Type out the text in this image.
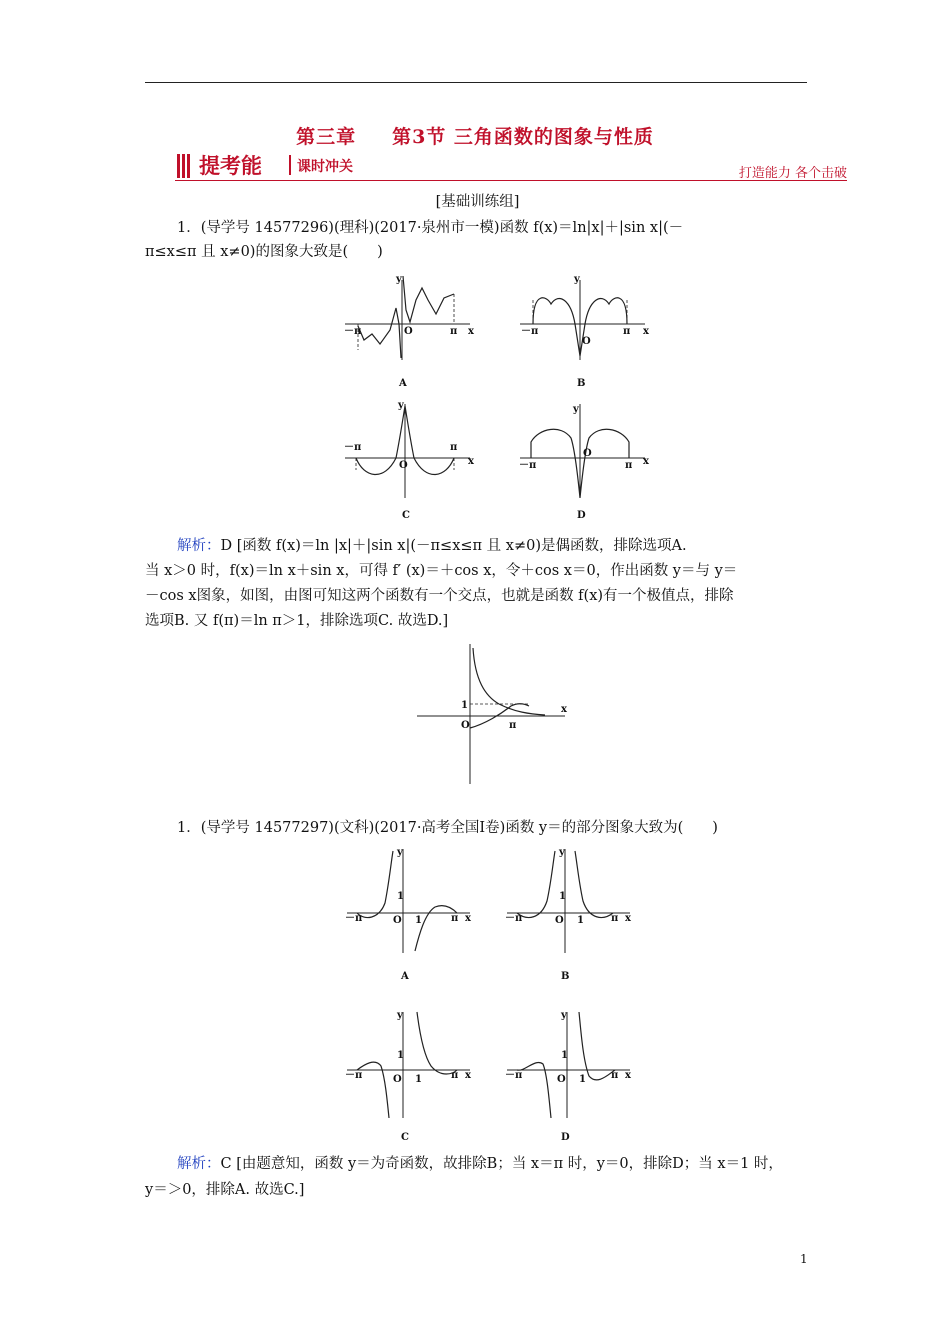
第三章 第3节 三角函数的图象与性质
提考能	课时冲关	打造能力 各个击破
[基础训练组]
1．(导学号 14577296)(理科)(2017·泉州市一模)函数 f(x)＝ln|x|＋|sin x|(－
π≤x≤π 且 x≠0)的图象大致是(　　)
y
x
O
－π	π
A
y
x
O
－π	π
B
y
x
O
－π	π
C
y
x
O
－π	π
D
解析：D [函数 f(x)＝ln |x|＋|sin x|(－π≤x≤π 且 x≠0)是偶函数，排除选项A.
当 x＞0 时，f(x)＝ln x＋sin x，可得 f′ (x)＝＋cos x，令＋cos x＝0，作出函数 y＝与 y＝
－cos x图象，如图，由图可知这两个函数有一个交点，也就是函数 f(x)有一个极值点，排除
选项B. 又 f(π)＝ln π＞1，排除选项C. 故选D.]
x
1
O	π
1．(导学号 14577297)(文科)(2017·高考全国Ⅰ卷)函数 y＝的部分图象大致为(　　)
y
x
O
1
1
－π	π
A
y
x
O
1
1
－π	π
B
y
x
O
1
1
－π	π
C
y
x
O
1
1
－π	π
D
解析：C [由题意知，函数 y＝为奇函数，故排除B；当 x＝π 时，y＝0，排除D；当 x＝1 时，
y＝＞0，排除A. 故选C.]
1
